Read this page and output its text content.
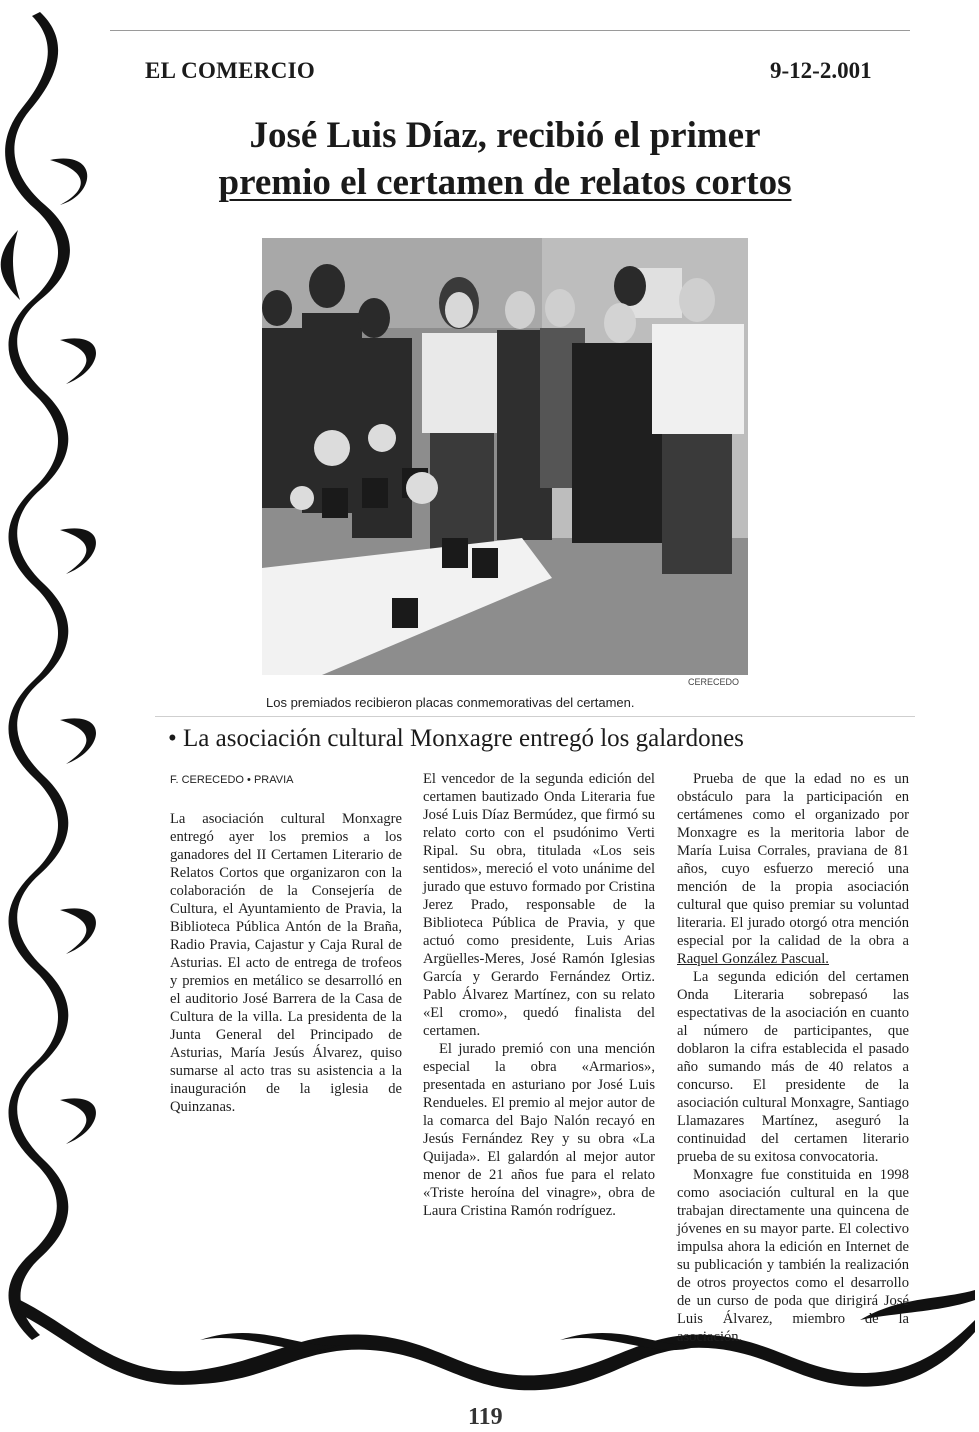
EL COMERCIO	9-12-2.001
José Luis Díaz, recibió el primer
premio el certamen de relatos cortos
CERECEDO
Los premiados recibieron placas conmemorativas del certamen.
• La asociación cultural Monxagre entregó los galardones
F. CERECEDO • PRAVIA

La asociación cultural Monxagre entregó ayer los premios a los ganadores del II Certamen Literario de Relatos Cortos que organizaron con la colaboración de la Consejería de Cultura, el Ayuntamiento de Pravia, la Biblioteca Pública Antón de la Braña, Radio Pravia, Cajastur y Caja Rural de Asturias. El acto de entrega de trofeos y premios en metálico se desarrolló en el auditorio José Barrera de la Casa de Cultura de la villa. La presidenta de la Junta General del Principado de Asturias, María Jesús Álvarez, quiso sumarse al acto tras su asistencia a la inauguración de la iglesia de Quinzanas.

El vencedor de la segunda edición del certamen bautizado Onda Literaria fue José Luis Díaz Bermúdez, que firmó su relato corto con el psudónimo Verti Ripal. Su obra, titulada «Los seis sentidos», mereció el voto unánime del jurado que estuvo formado por Cristina Jerez Prado, responsable de la Biblioteca Pública de Pravia, y que actuó como presidente, Luis Arias Argüelles-Meres, José Ramón Iglesias García y Gerardo Fernández Ortiz. Pablo Álvarez Martínez, con su relato «El cromo», quedó finalista del certamen.

El jurado premió con una mención especial la obra «Armarios», presentada en asturiano por José Luis Rendueles. El premio al mejor autor de la comarca del Bajo Nalón recayó en Jesús Fernández Rey y su obra «La Quijada». El galardón al mejor autor menor de 21 años fue para el relato «Triste heroína del vinagre», obra de Laura Cristina Ramón rodríguez.

Prueba de que la edad no es un obstáculo para la participación en certámenes como el organizado por Monxagre es la meritoria labor de María Luisa Corrales, praviana de 81 años, cuyo esfuerzo mereció una mención de la propia asociación cultural que quiso premiar su voluntad literaria. El jurado otorgó otra mención especial por la calidad de la obra a Raquel González Pascual.

La segunda edición del certamen Onda Literaria sobrepasó las espectativas de la asociación en cuanto al número de participantes, que doblaron la cifra establecida el pasado año sumando más de 40 relatos a concurso. El presidente de la asociación cultural Monxagre, Santiago Llamazares Martínez, aseguró la continuidad del certamen literario prueba de su exitosa convocatoria.

Monxagre fue constituida en 1998 como asociación cultural en la que trabajan directamente una quincena de jóvenes en su mayor parte. El colectivo impulsa ahora la edición en Internet de su publicación y también la realización de otros proyectos como el desarrollo de un curso de poda que dirigirá José Luis Álvarez, miembro de la asociación.

119
